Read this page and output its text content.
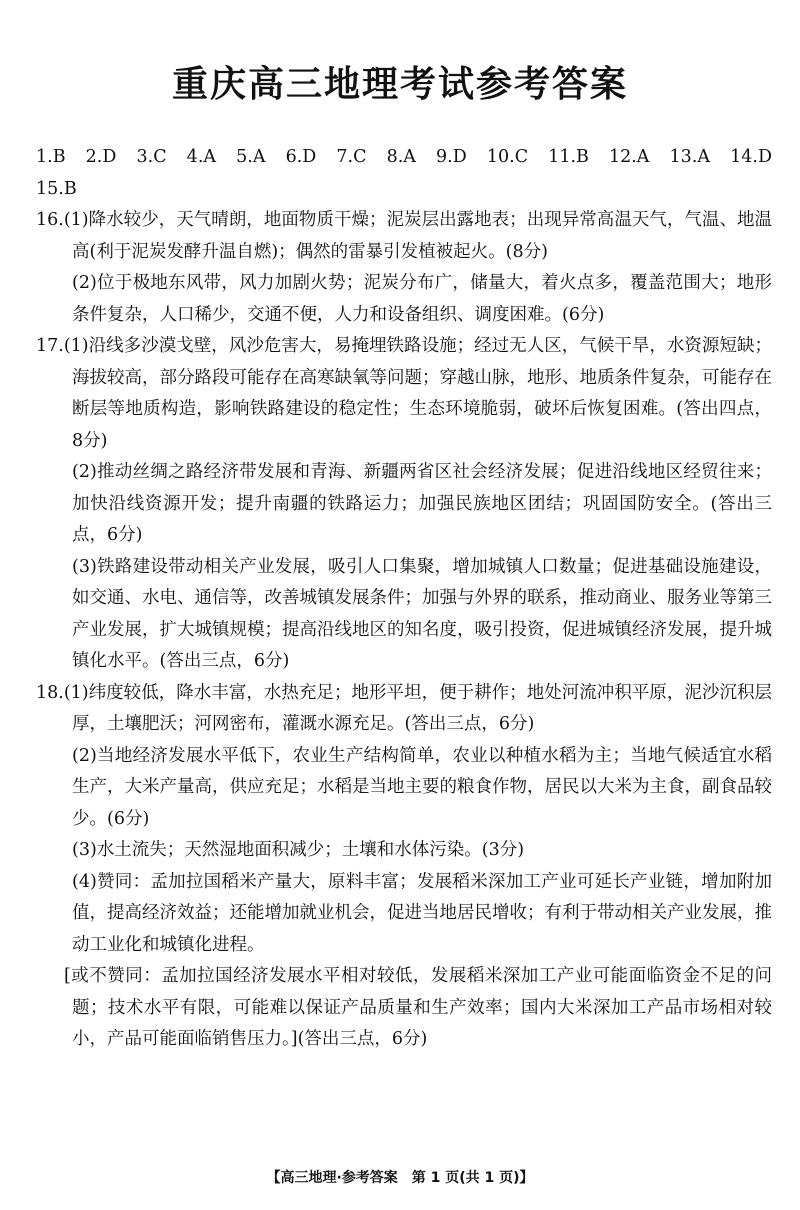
重庆高三地理考试参考答案

1.B　2.D　3.C　4.A　5.A　6.D　7.C　8.A　9.D　10.C　11.B　12.A　13.A　14.D　15.B

16.(1)降水较少，天气晴朗，地面物质干燥；泥炭层出露地表；出现异常高温天气，气温、地温高(利于泥炭发酵升温自燃)；偶然的雷暴引发植被起火。(8分)

(2)位于极地东风带，风力加剧火势；泥炭分布广，储量大，着火点多，覆盖范围大；地形条件复杂，人口稀少，交通不便，人力和设备组织、调度困难。(6分)

17.(1)沿线多沙漠戈壁，风沙危害大，易掩埋铁路设施；经过无人区，气候干旱，水资源短缺；海拔较高，部分路段可能存在高寒缺氧等问题；穿越山脉，地形、地质条件复杂，可能存在断层等地质构造，影响铁路建设的稳定性；生态环境脆弱，破坏后恢复困难。(答出四点，8分)

(2)推动丝绸之路经济带发展和青海、新疆两省区社会经济发展；促进沿线地区经贸往来；加快沿线资源开发；提升南疆的铁路运力；加强民族地区团结；巩固国防安全。(答出三点，6分)

(3)铁路建设带动相关产业发展，吸引人口集聚，增加城镇人口数量；促进基础设施建设，如交通、水电、通信等，改善城镇发展条件；加强与外界的联系，推动商业、服务业等第三产业发展，扩大城镇规模；提高沿线地区的知名度，吸引投资，促进城镇经济发展，提升城镇化水平。(答出三点，6分)

18.(1)纬度较低，降水丰富，水热充足；地形平坦，便于耕作；地处河流冲积平原，泥沙沉积层厚，土壤肥沃；河网密布，灌溉水源充足。(答出三点，6分)

(2)当地经济发展水平低下，农业生产结构简单，农业以种植水稻为主；当地气候适宜水稻生产，大米产量高，供应充足；水稻是当地主要的粮食作物，居民以大米为主食，副食品较少。(6分)

(3)水土流失；天然湿地面积减少；土壤和水体污染。(3分)

(4)赞同：孟加拉国稻米产量大，原料丰富；发展稻米深加工产业可延长产业链，增加附加值，提高经济效益；还能增加就业机会，促进当地居民增收；有利于带动相关产业发展，推动工业化和城镇化进程。

[或不赞同：孟加拉国经济发展水平相对较低，发展稻米深加工产业可能面临资金不足的问题；技术水平有限，可能难以保证产品质量和生产效率；国内大米深加工产品市场相对较小，产品可能面临销售压力。](答出三点，6分)

【高三地理·参考答案　第 1 页(共 1 页)】
